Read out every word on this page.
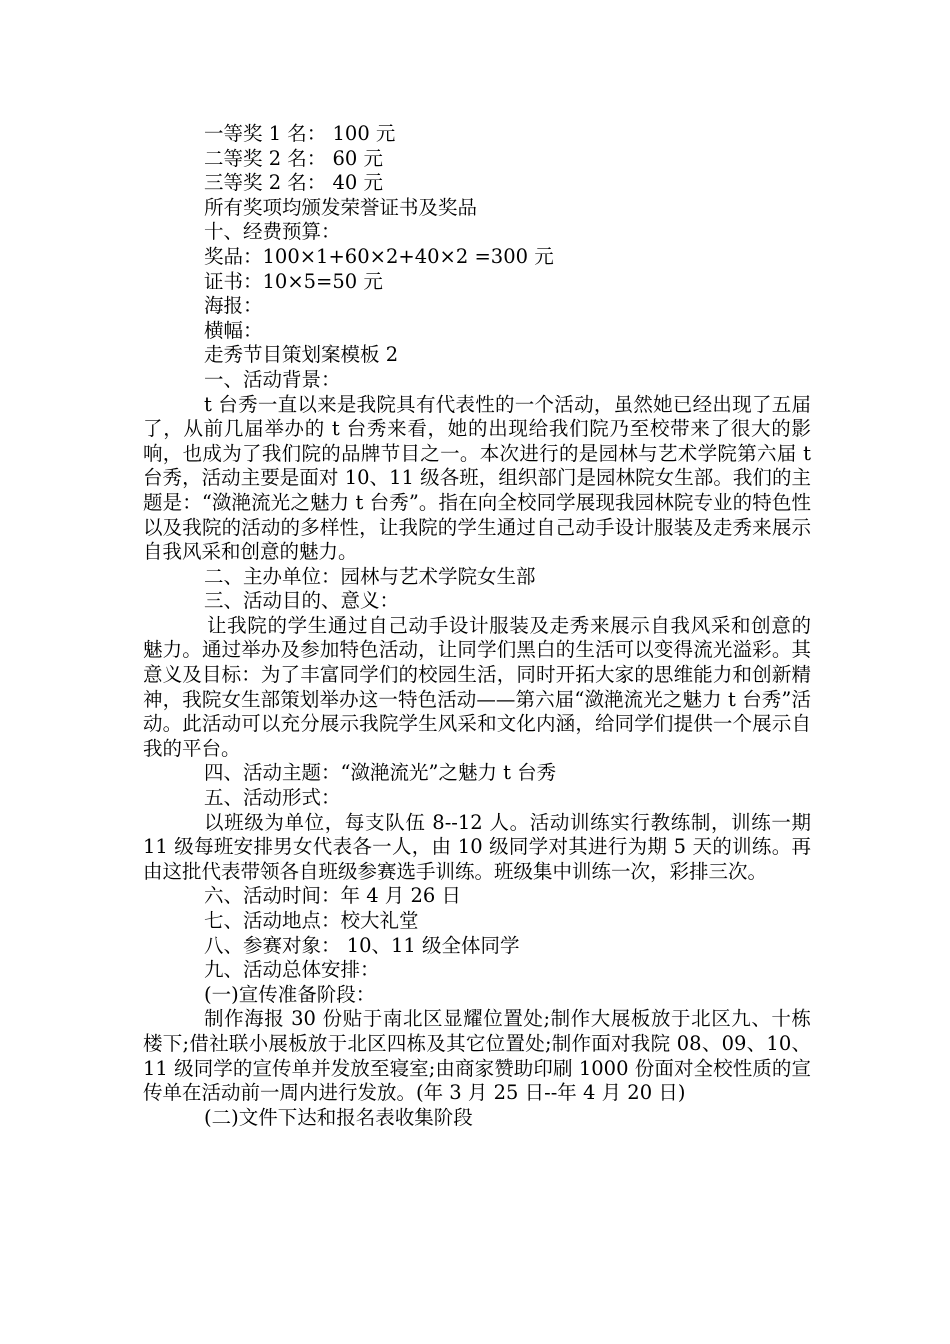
一等奖 1 名： 100 元

二等奖 2 名： 60 元

三等奖 2 名： 40 元

所有奖项均颁发荣誉证书及奖品

十、经费预算：

奖品：100×1+60×2+40×2 =300 元

证书：10×5=50 元

海报：

横幅：

走秀节目策划案模板 2

一、活动背景：

t 台秀一直以来是我院具有代表性的一个活动，虽然她已经出现了五届了，从前几届举办的 t 台秀来看，她的出现给我们院乃至校带来了很大的影响，也成为了我们院的品牌节目之一。本次进行的是园林与艺术学院第六届 t 台秀，活动主要是面对 10、11 级各班，组织部门是园林院女生部。我们的主题是：“潋滟流光之魅力 t 台秀”。指在向全校同学展现我园林院专业的特色性以及我院的活动的多样性，让我院的学生通过自己动手设计服装及走秀来展示自我风采和创意的魅力。

二、主办单位：园林与艺术学院女生部

三、活动目的、意义：

让我院的学生通过自己动手设计服装及走秀来展示自我风采和创意的魅力。通过举办及参加特色活动，让同学们黑白的生活可以变得流光溢彩。其意义及目标：为了丰富同学们的校园生活，同时开拓大家的思维能力和创新精神，我院女生部策划举办这一特色活动——第六届“潋滟流光之魅力 t 台秀”活动。此活动可以充分展示我院学生风采和文化内涵，给同学们提供一个展示自我的平台。

四、活动主题：“潋滟流光”之魅力 t 台秀

五、活动形式：

以班级为单位，每支队伍 8--12 人。活动训练实行教练制，训练一期 11 级每班安排男女代表各一人，由 10 级同学对其进行为期 5 天的训练。再由这批代表带领各自班级参赛选手训练。班级集中训练一次，彩排三次。

六、活动时间：年 4 月 26 日

七、活动地点：校大礼堂

八、参赛对象： 10、11 级全体同学

九、活动总体安排：

(一)宣传准备阶段：

制作海报 30 份贴于南北区显耀位置处;制作大展板放于北区九、十栋楼下;借社联小展板放于北区四栋及其它位置处;制作面对我院 08、09、10、11 级同学的宣传单并发放至寝室;由商家赞助印刷 1000 份面对全校性质的宣传单在活动前一周内进行发放。(年 3 月 25 日--年 4 月 20 日)

(二)文件下达和报名表收集阶段
